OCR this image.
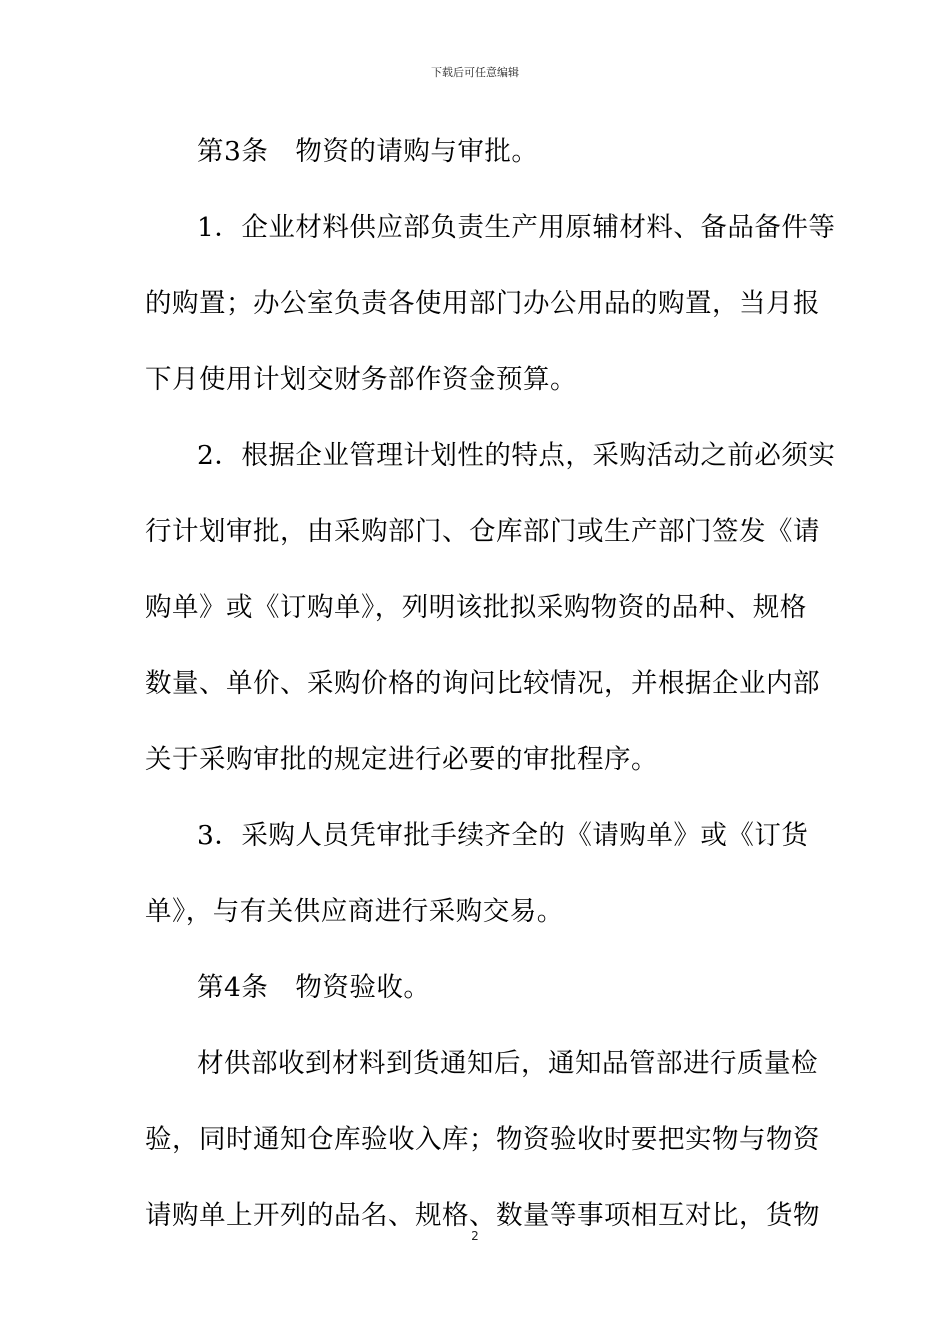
下载后可任意编辑
第3条　物资的请购与审批。
1．企业材料供应部负责生产用原辅材料、备品备件等
的购置；办公室负责各使用部门办公用品的购置，当月报
下月使用计划交财务部作资金预算。
2．根据企业管理计划性的特点，采购活动之前必须实
行计划审批，由采购部门、仓库部门或生产部门签发《请
购单》或《订购单》，列明该批拟采购物资的品种、规格
数量、单价、采购价格的询问比较情况，并根据企业内部
关于采购审批的规定进行必要的审批程序。
3．采购人员凭审批手续齐全的《请购单》或《订货
单》，与有关供应商进行采购交易。
第4条　物资验收。
材供部收到材料到货通知后，通知品管部进行质量检
验，同时通知仓库验收入库；物资验收时要把实物与物资
请购单上开列的品名、规格、数量等事项相互对比，货物
2
